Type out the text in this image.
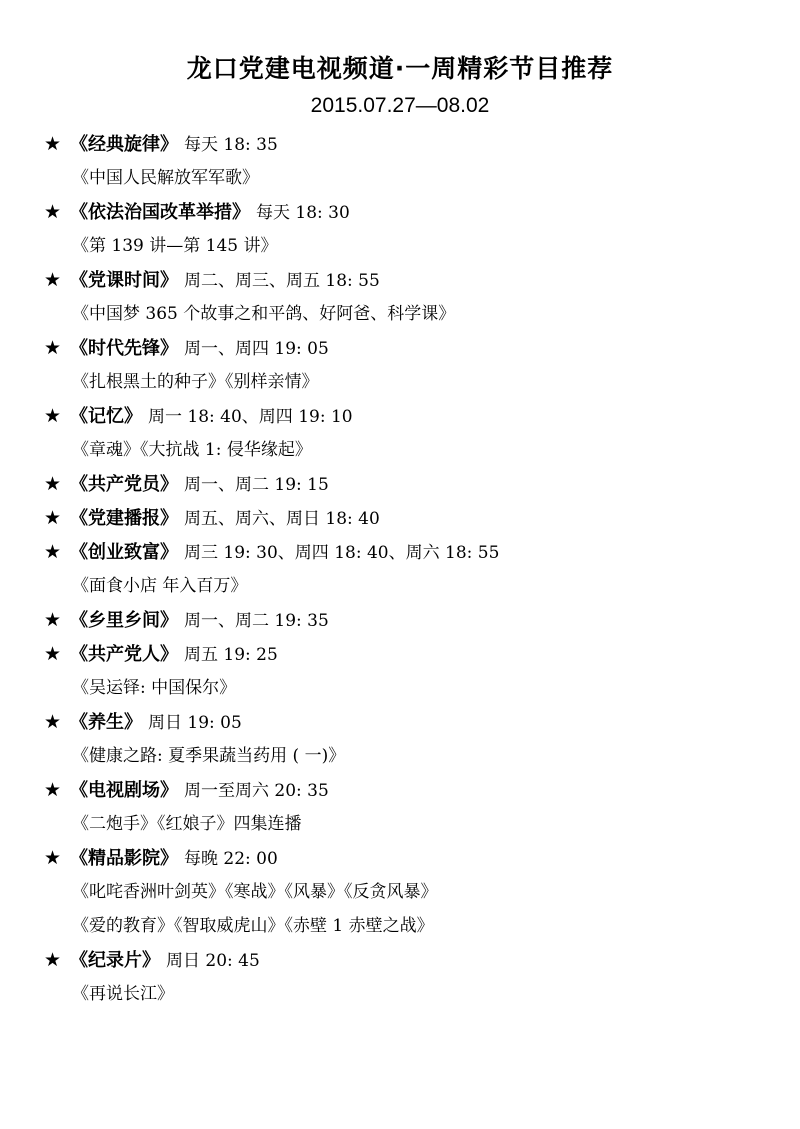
龙口党建电视频道·一周精彩节目推荐
2015.07.27—08.02
★ 《经典旋律》 每天 18: 35
《中国人民解放军军歌》
★ 《依法治国改革举措》 每天 18: 30
《第 139 讲—第 145 讲》
★ 《党课时间》 周二、周三、周五 18: 55
《中国梦 365 个故事之和平鸽、好阿爸、科学课》
★ 《时代先锋》 周一、周四 19: 05
《扎根黑土的种子》《别样亲情》
★ 《记忆》 周一 18: 40、周四 19: 10
《章魂》《大抗战 1: 侵华缘起》
★ 《共产党员》 周一、周二 19: 15
★ 《党建播报》 周五、周六、周日 18: 40
★ 《创业致富》 周三 19: 30、周四 18: 40、周六 18: 55
《面食小店 年入百万》
★ 《乡里乡间》 周一、周二 19: 35
★ 《共产党人》 周五 19: 25
《吴运铎: 中国保尔》
★ 《养生》 周日 19: 05
《健康之路: 夏季果蔬当药用 ( 一)》
★ 《电视剧场》 周一至周六 20: 35
《二炮手》《红娘子》四集连播
★ 《精品影院》 每晚 22: 00
《叱咤香洲叶剑英》《寒战》《风暴》《反贪风暴》
《爱的教育》《智取威虎山》《赤壁 1 赤壁之战》
★ 《纪录片》 周日 20: 45
《再说长江》
